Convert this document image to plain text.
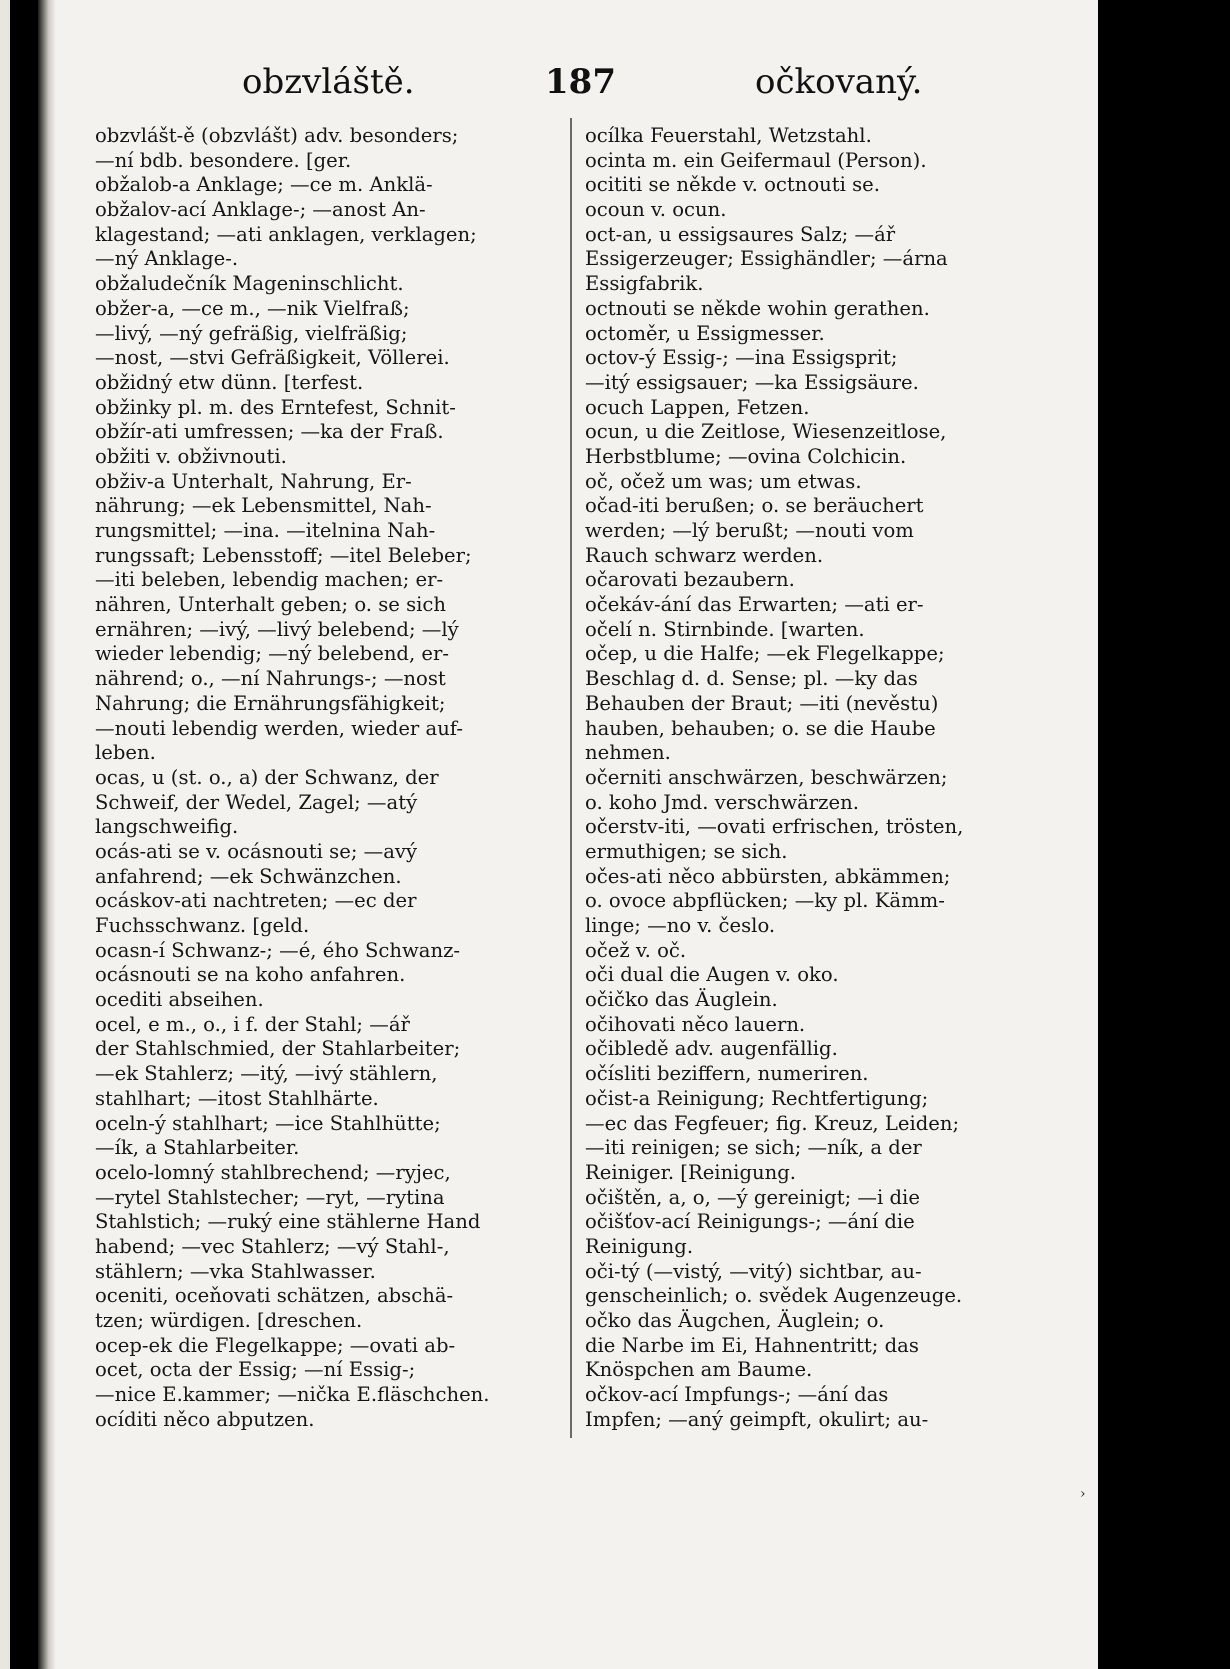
obzvláště.	187	očkovaný.
obzvlášt-ě (obzvlášt) adv. besonders;
—ní bdb. besondere. [ger.
obžalob-a Anklage; —ce m. Anklä-
obžalov-ací Anklage-; —anost An-
klagestand; —ati anklagen, verklagen;
—ný Anklage-.
obžaludečník Mageninschlicht.
obžer-a, —ce m., —nik Vielfraß;
—livý, —ný gefräßig, vielfräßig;
—nost, —stvi Gefräßigkeit, Völlerei.
obžidný etw dünn. [terfest.
obžinky pl. m. des Erntefest, Schnit-
obžír-ati umfressen; —ka der Fraß.
obžiti v. obživnouti.
obživ-a Unterhalt, Nahrung, Er-
nährung; —ek Lebensmittel, Nah-
rungsmittel; —ina. —itelnina Nah-
rungssaft; Lebensstoff; —itel Beleber;
—iti beleben, lebendig machen; er-
nähren, Unterhalt geben; o. se sich
ernähren; —ivý, —livý belebend; —lý
wieder lebendig; —ný belebend, er-
nährend; o., —ní Nahrungs-; —nost
Nahrung; die Ernährungsfähigkeit;
—nouti lebendig werden, wieder auf-
leben.
ocas, u (st. o., a) der Schwanz, der
Schweif, der Wedel, Zagel; —atý
langschweifig.
ocás-ati se v. ocásnouti se; —avý
anfahrend; —ek Schwänzchen.
ocáskov-ati nachtreten; —ec der
Fuchsschwanz. [geld.
ocasn-í Schwanz-; —é, ého Schwanz-
ocásnouti se na koho anfahren.
ocediti abseihen.
ocel, e m., o., i f. der Stahl; —ář
der Stahlschmied, der Stahlarbeiter;
—ek Stahlerz; —itý, —ivý stählern,
stahlhart; —itost Stahlhärte.
oceln-ý stahlhart; —ice Stahlhütte;
—ík, a Stahlarbeiter.
ocelo-lomný stahlbrechend; —ryjec,
—rytel Stahlstecher; —ryt, —rytina
Stahlstich; —ruký eine stählerne Hand
habend; —vec Stahlerz; —vý Stahl-,
stählern; —vka Stahlwasser.
oceniti, oceňovati schätzen, abschä-
tzen; würdigen. [dreschen.
ocep-ek die Flegelkappe; —ovati ab-
ocet, octa der Essig; —ní Essig-;
—nice E.kammer; —nička E.fläschchen.
ocíditi něco abputzen.
ocílka Feuerstahl, Wetzstahl.
ocinta m. ein Geifermaul (Person).
ocititi se někde v. octnouti se.
ocoun v. ocun.
oct-an, u essigsaures Salz; —ář
Essigerzeuger; Essighändler; —árna
Essigfabrik.
octnouti se někde wohin gerathen.
octoměr, u Essigmesser.
octov-ý Essig-; —ina Essigsprit;
—itý essigsauer; —ka Essigsäure.
ocuch Lappen, Fetzen.
ocun, u die Zeitlose, Wiesenzeitlose,
Herbstblume; —ovina Colchicin.
oč, očež um was; um etwas.
očad-iti berußen; o. se beräuchert
werden; —lý berußt; —nouti vom
Rauch schwarz werden.
očarovati bezaubern.
očekáv-ání das Erwarten; —ati er-
očelí n. Stirnbinde. [warten.
očep, u die Halfe; —ek Flegelkappe;
Beschlag d. d. Sense; pl. —ky das
Behauben der Braut; —iti (nevěstu)
hauben, behauben; o. se die Haube
nehmen.
očerniti anschwärzen, beschwärzen;
o. koho Jmd. verschwärzen.
očerstv-iti, —ovati erfrischen, trösten,
ermuthigen; se sich.
očes-ati něco abbürsten, abkämmen;
o. ovoce abpflücken; —ky pl. Kämm-
linge; —no v. česlo.
očež v. oč.
oči dual die Augen v. oko.
očičko das Äuglein.
očihovati něco lauern.
očibledě adv. augenfällig.
očísliti beziffern, numeriren.
očist-a Reinigung; Rechtfertigung;
—ec das Fegfeuer; fig. Kreuz, Leiden;
—iti reinigen; se sich; —ník, a der
Reiniger. [Reinigung.
očištěn, a, o, —ý gereinigt; —i die
očišťov-ací Reinigungs-; —ání die
Reinigung.
oči-tý (—vistý, —vitý) sichtbar, au-
genscheinlich; o. svědek Augenzeuge.
očko das Äugchen, Äuglein; o.
die Narbe im Ei, Hahnentritt; das
Knöspchen am Baume.
očkov-ací Impfungs-; —ání das
Impfen; —aný geimpft, okulirt; au-
›
